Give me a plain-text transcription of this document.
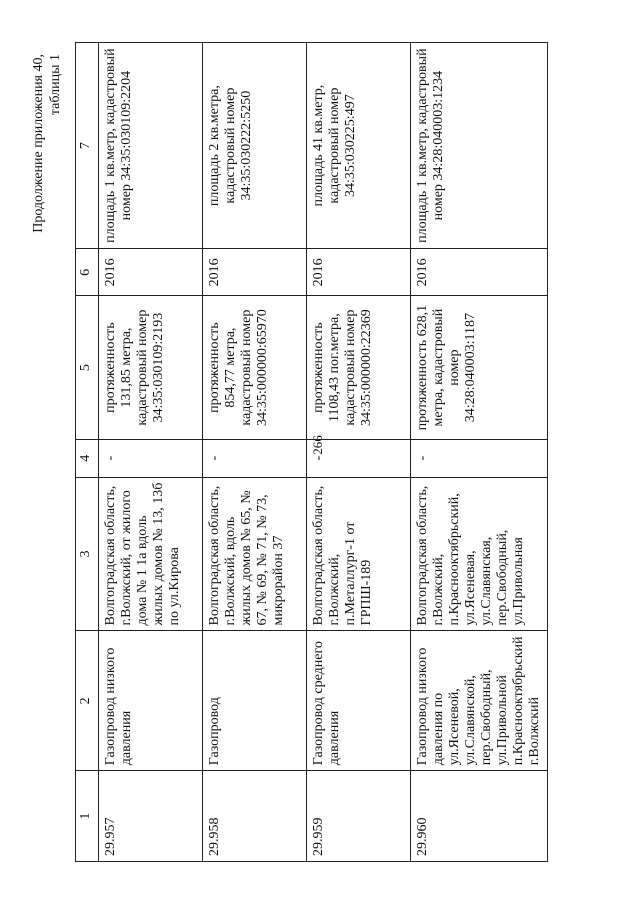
266
Продолжение приложения 40, таблицы 1
1	2	3	4	5	6	7
29.957	Газопровод низкого давления	Волгоградская область, г.Волжский, от жилого дома № 1 1а вдоль жилых домов № 13, 13б по ул.Кирова	-	протяженность 131,85 метра, кадастровый номер 34:35:030109:2193	2016	площадь 1 кв.метр, кадастровый номер 34:35:030109:2204
29.958	Газопровод	Волгоградская область, г.Волжский, вдоль жилых домов № 65, № 67, № 69, № 71, № 73, микрорайон 37	-	протяженность 854,77 метра, кадастровый номер 34:35:000000:65970	2016	площадь 2 кв.метра, кадастровый номер 34:35:030222:5250
29.959	Газопровод среднего давления	Волгоградская область, г.Волжский, п.Металлург-1 от ГРПШ-189	-	протяженность 1108,43 пог.метра, кадастровый номер 34:35:000000:22369	2016	площадь 41 кв.метр, кадастровый номер 34:35:030225:497
29.960	Газопровод низкого давления по ул.Ясеневой, ул.Славянской, пер.Свободный, ул.Привольной п.Краснооктябрьский г.Волжский	Волгоградская область, г.Волжский, п.Краснооктябрьский, ул.Ясеневая, ул.Славянская, пер.Свободный, ул.Привольная	-	протяженность 628,1 метра, кадастровый номер 34:28:040003:1187	2016	площадь 1 кв.метр, кадастровый номер 34:28:040003:1234
